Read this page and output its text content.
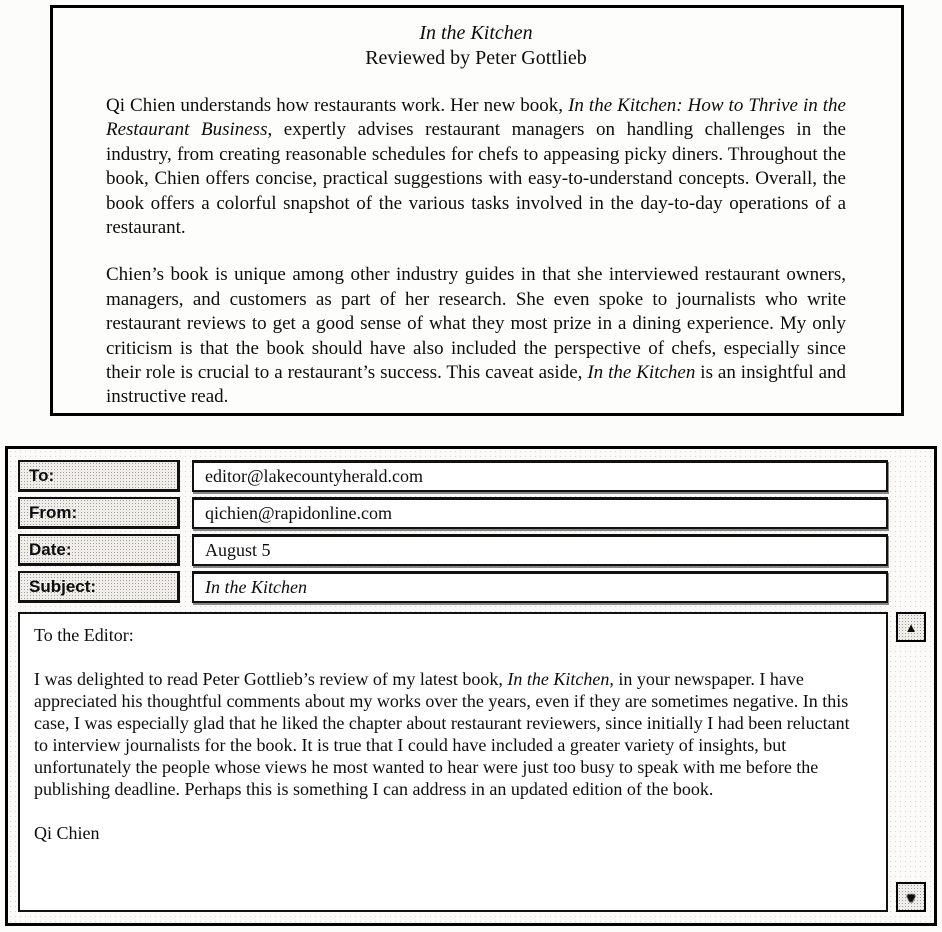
In the Kitchen
Reviewed by Peter Gottlieb
Qi Chien understands how restaurants work. Her new book, In the Kitchen: How to Thrive in the Restaurant Business, expertly advises restaurant managers on handling challenges in the industry, from creating reasonable schedules for chefs to appeasing picky diners. Throughout the book, Chien offers concise, practical suggestions with easy-to-understand concepts. Overall, the book offers a colorful snapshot of the various tasks involved in the day-to-day operations of a restaurant.
Chien’s book is unique among other industry guides in that she interviewed restaurant owners, managers, and customers as part of her research. She even spoke to journalists who write restaurant reviews to get a good sense of what they most prize in a dining experience. My only criticism is that the book should have also included the perspective of chefs, especially since their role is crucial to a restaurant’s success. This caveat aside, In the Kitchen is an insightful and instructive read.
To:	editor@lakecountyherald.com
From:	qichien@rapidonline.com
Date:	August 5
Subject:	In the Kitchen
To the Editor:
I was delighted to read Peter Gottlieb’s review of my latest book, In the Kitchen, in your newspaper. I have appreciated his thoughtful comments about my works over the years, even if they are sometimes negative. In this case, I was especially glad that he liked the chapter about restaurant reviewers, since initially I had been reluctant to interview journalists for the book. It is true that I could have included a greater variety of insights, but unfortunately the people whose views he most wanted to hear were just too busy to speak with me before the publishing deadline. Perhaps this is something I can address in an updated edition of the book.
Qi Chien
▲
▼
